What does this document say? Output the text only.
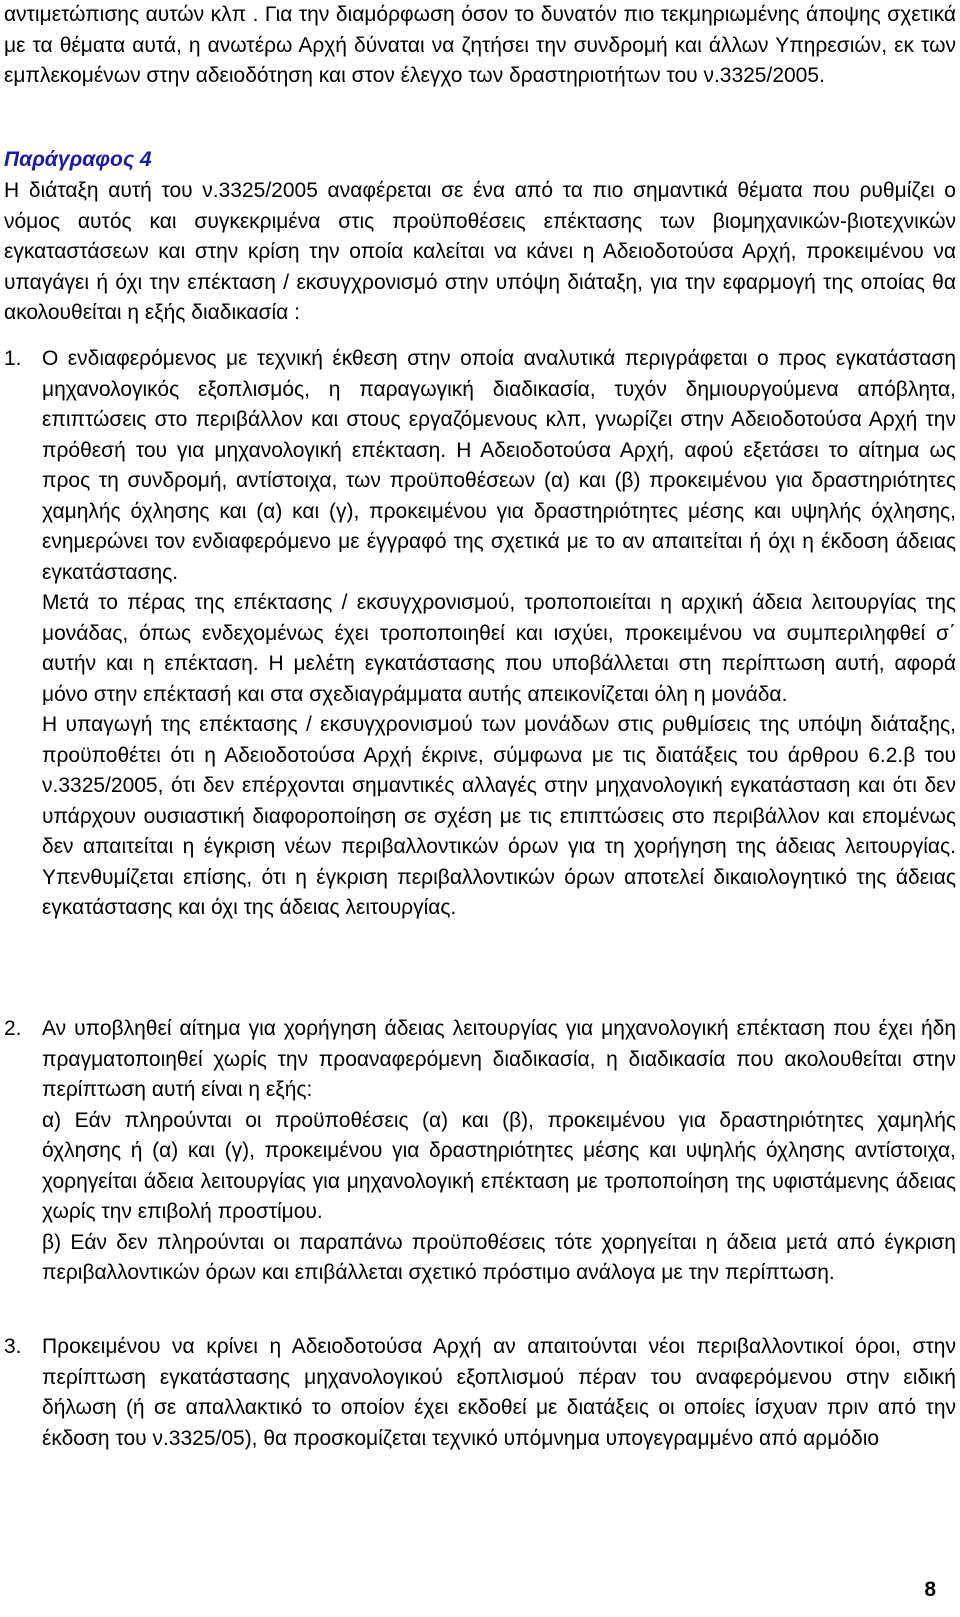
αντιμετώπισης αυτών κλπ . Για την διαμόρφωση όσον το δυνατόν πιο τεκμηριωμένης άποψης σχετικά με τα θέματα αυτά, η ανωτέρω Αρχή δύναται να ζητήσει την συνδρομή και άλλων Υπηρεσιών, εκ των εμπλεκομένων στην αδειοδότηση και στον έλεγχο των δραστηριοτήτων του ν.3325/2005.

Παράγραφος 4

Η διάταξη αυτή του ν.3325/2005 αναφέρεται σε ένα από τα πιο σημαντικά θέματα που ρυθμίζει ο νόμος αυτός και συγκεκριμένα στις προϋποθέσεις επέκτασης των βιομηχανικών-βιοτεχνικών εγκαταστάσεων και στην κρίση την οποία καλείται να κάνει η Αδειοδοτούσα Αρχή, προκειμένου να υπαγάγει ή όχι την επέκταση / εκσυγχρονισμό στην υπόψη διάταξη, για την εφαρμογή της οποίας θα ακολουθείται η εξής διαδικασία :

1. Ο ενδιαφερόμενος με τεχνική έκθεση στην οποία αναλυτικά περιγράφεται ο προς εγκατάσταση μηχανολογικός εξοπλισμός, η παραγωγική διαδικασία, τυχόν δημιουργούμενα απόβλητα, επιπτώσεις στο περιβάλλον και στους εργαζόμενους κλπ, γνωρίζει στην Αδειοδοτούσα Αρχή την πρόθεσή του για μηχανολογική επέκταση. Η Αδειοδοτούσα Αρχή, αφού εξετάσει το αίτημα ως προς τη συνδρομή, αντίστοιχα, των προϋποθέσεων (α) και (β) προκειμένου για δραστηριότητες χαμηλής όχλησης και (α) και (γ), προκειμένου για δραστηριότητες μέσης και υψηλής όχλησης, ενημερώνει τον ενδιαφερόμενο με έγγραφό της σχετικά με το αν απαιτείται ή όχι η έκδοση άδειας εγκατάστασης.

Μετά το πέρας της επέκτασης / εκσυγχρονισμού, τροποποιείται η αρχική άδεια λειτουργίας της μονάδας, όπως ενδεχομένως έχει τροποποιηθεί και ισχύει, προκειμένου να συμπεριληφθεί σ΄ αυτήν και η επέκταση. Η μελέτη εγκατάστασης που υποβάλλεται στη περίπτωση αυτή, αφορά μόνο στην επέκτασή και στα σχεδιαγράμματα αυτής απεικονίζεται όλη η μονάδα.

Η υπαγωγή της επέκτασης / εκσυγχρονισμού των μονάδων στις ρυθμίσεις της υπόψη διάταξης, προϋποθέτει ότι η Αδειοδοτούσα Αρχή έκρινε, σύμφωνα με τις διατάξεις του άρθρου 6.2.β του ν.3325/2005, ότι δεν επέρχονται σημαντικές αλλαγές στην μηχανολογική εγκατάσταση και ότι δεν υπάρχουν ουσιαστική διαφοροποίηση σε σχέση με τις επιπτώσεις στο περιβάλλον και επομένως δεν απαιτείται η έγκριση νέων περιβαλλοντικών όρων για τη χορήγηση της άδειας λειτουργίας. Υπενθυμίζεται επίσης, ότι η έγκριση περιβαλλοντικών όρων αποτελεί δικαιολογητικό της άδειας εγκατάστασης και όχι της άδειας λειτουργίας.

2. Αν υποβληθεί αίτημα για χορήγηση άδειας λειτουργίας για μηχανολογική επέκταση που έχει ήδη πραγματοποιηθεί χωρίς την προαναφερόμενη διαδικασία, η διαδικασία που ακολουθείται στην περίπτωση αυτή είναι η εξής:

α) Εάν πληρούνται οι προϋποθέσεις (α) και (β), προκειμένου για δραστηριότητες χαμηλής όχλησης ή (α) και (γ), προκειμένου για δραστηριότητες μέσης και υψηλής όχλησης αντίστοιχα, χορηγείται άδεια λειτουργίας για μηχανολογική επέκταση με τροποποίηση της υφιστάμενης άδειας χωρίς την επιβολή προστίμου.

β) Εάν δεν πληρούνται οι παραπάνω προϋποθέσεις τότε χορηγείται η άδεια μετά από έγκριση περιβαλλοντικών όρων και επιβάλλεται σχετικό πρόστιμο ανάλογα με την περίπτωση.

3. Προκειμένου να κρίνει η Αδειοδοτούσα Αρχή αν απαιτούνται νέοι περιβαλλοντικοί όροι, στην περίπτωση εγκατάστασης μηχανολογικού εξοπλισμού πέραν του αναφερόμενου στην ειδική δήλωση (ή σε απαλλακτικό το οποίον έχει εκδοθεί με διατάξεις οι οποίες ίσχυαν πριν από την έκδοση του ν.3325/05), θα προσκομίζεται τεχνικό υπόμνημα υπογεγραμμένο από αρμόδιο

8
